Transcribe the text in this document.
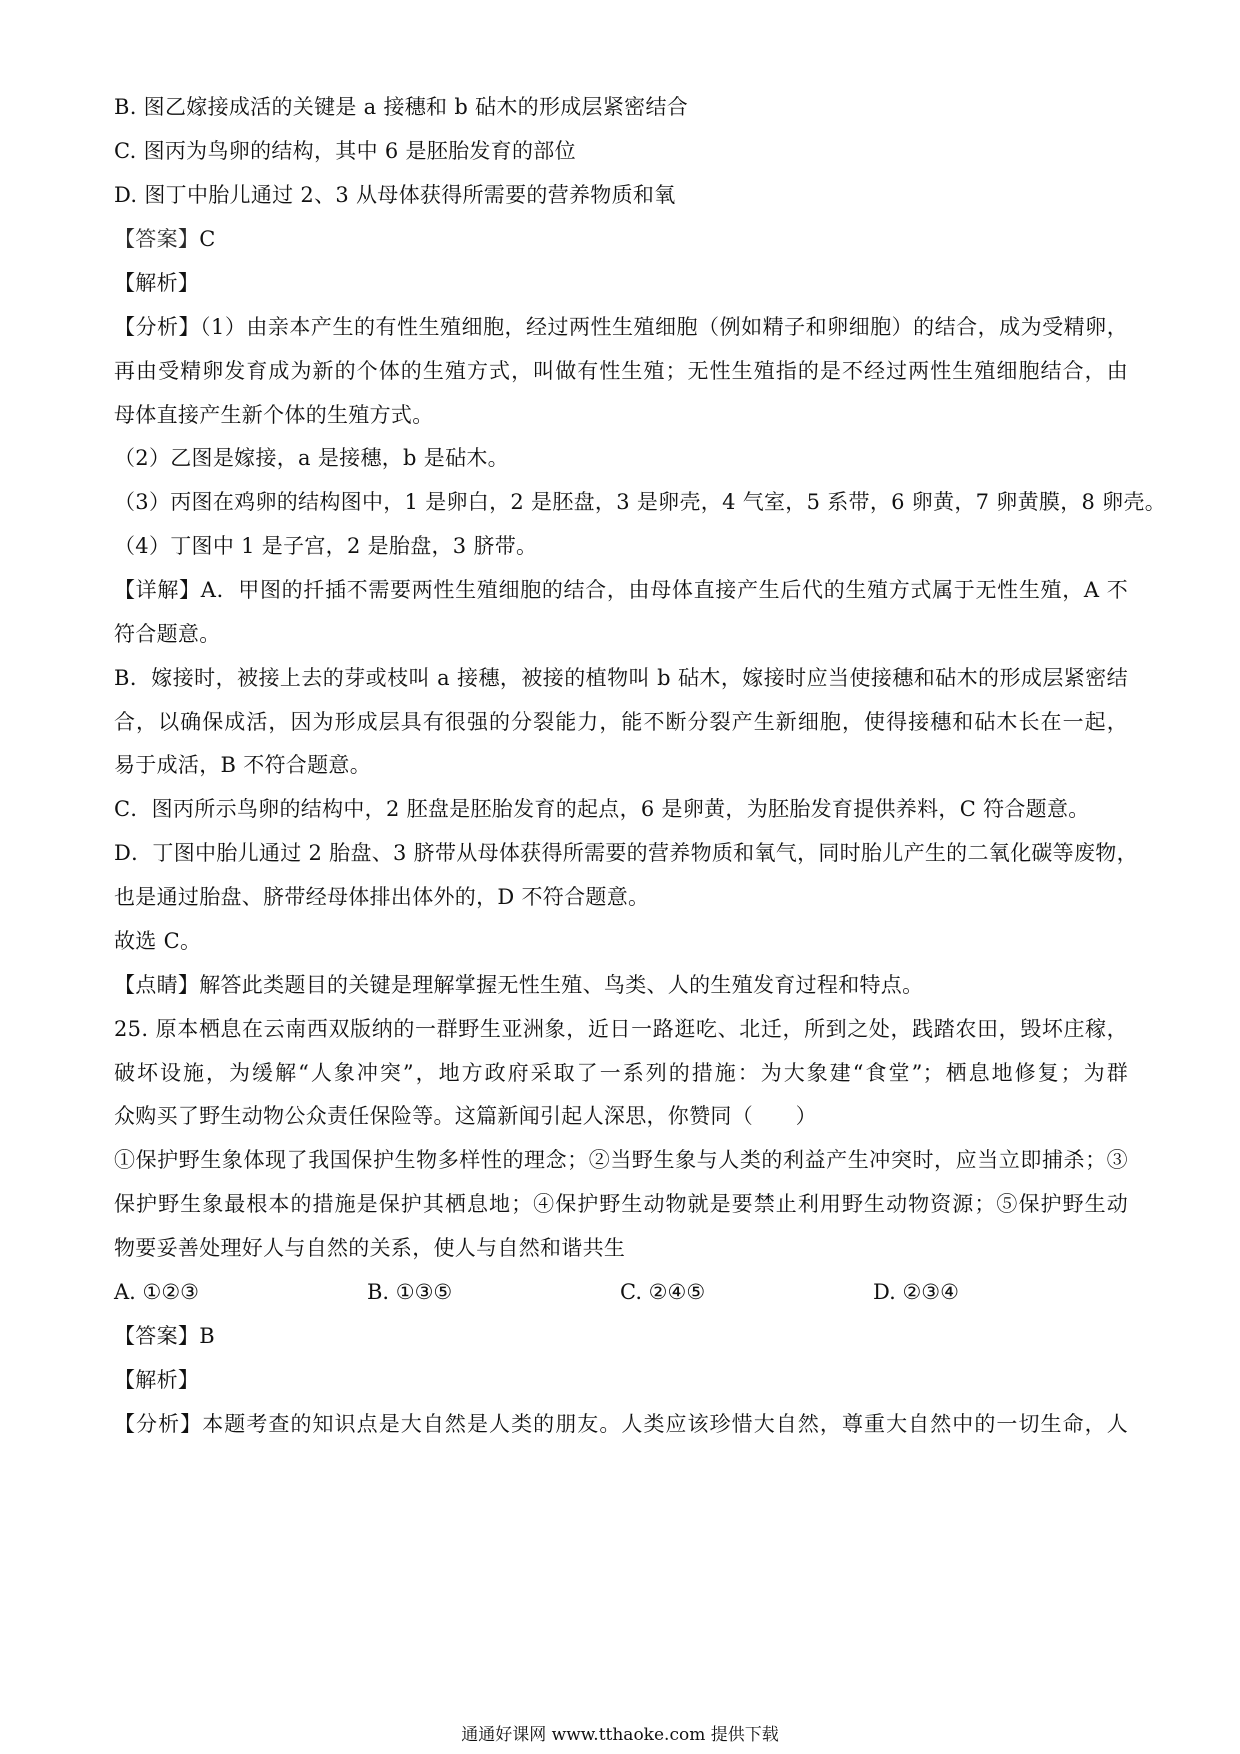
B. 图乙嫁接成活的关键是 a 接穗和 b 砧木的形成层紧密结合
C. 图丙为鸟卵的结构，其中 6 是胚胎发育的部位
D. 图丁中胎儿通过 2、3 从母体获得所需要的营养物质和氧
【答案】C
【解析】
【分析】（1）由亲本产生的有性生殖细胞，经过两性生殖细胞（例如精子和卵细胞）的结合，成为受精卵，
再由受精卵发育成为新的个体的生殖方式，叫做有性生殖；无性生殖指的是不经过两性生殖细胞结合，由
母体直接产生新个体的生殖方式。
（2）乙图是嫁接，a 是接穗，b 是砧木。
（3）丙图在鸡卵的结构图中，1 是卵白，2 是胚盘，3 是卵壳，4 气室，5 系带，6 卵黄，7 卵黄膜，8 卵壳。
（4）丁图中 1 是子宫，2 是胎盘，3 脐带。
【详解】A．甲图的扦插不需要两性生殖细胞的结合，由母体直接产生后代的生殖方式属于无性生殖，A 不
符合题意。
B．嫁接时，被接上去的芽或枝叫 a 接穗，被接的植物叫 b 砧木，嫁接时应当使接穗和砧木的形成层紧密结
合，以确保成活，因为形成层具有很强的分裂能力，能不断分裂产生新细胞，使得接穗和砧木长在一起，
易于成活，B 不符合题意。
C．图丙所示鸟卵的结构中，2 胚盘是胚胎发育的起点，6 是卵黄，为胚胎发育提供养料，C 符合题意。
D．丁图中胎儿通过 2 胎盘、3 脐带从母体获得所需要的营养物质和氧气，同时胎儿产生的二氧化碳等废物，
也是通过胎盘、脐带经母体排出体外的，D 不符合题意。
故选 C。
【点睛】解答此类题目的关键是理解掌握无性生殖、鸟类、人的生殖发育过程和特点。
25. 原本栖息在云南西双版纳的一群野生亚洲象，近日一路逛吃、北迁，所到之处，践踏农田，毁坏庄稼，
破坏设施，为缓解“人象冲突”，地方政府采取了一系列的措施：为大象建“食堂”；栖息地修复；为群
众购买了野生动物公众责任保险等。这篇新闻引起人深思，你赞同（　　）
①保护野生象体现了我国保护生物多样性的理念；②当野生象与人类的利益产生冲突时，应当立即捕杀；③
保护野生象最根本的措施是保护其栖息地；④保护野生动物就是要禁止利用野生动物资源；⑤保护野生动
物要妥善处理好人与自然的关系，使人与自然和谐共生
A. ①②③	B. ①③⑤	C. ②④⑤	D. ②③④
【答案】B
【解析】
【分析】本题考查的知识点是大自然是人类的朋友。人类应该珍惜大自然，尊重大自然中的一切生命，人
通通好课网 www.tthaoke.com 提供下载
